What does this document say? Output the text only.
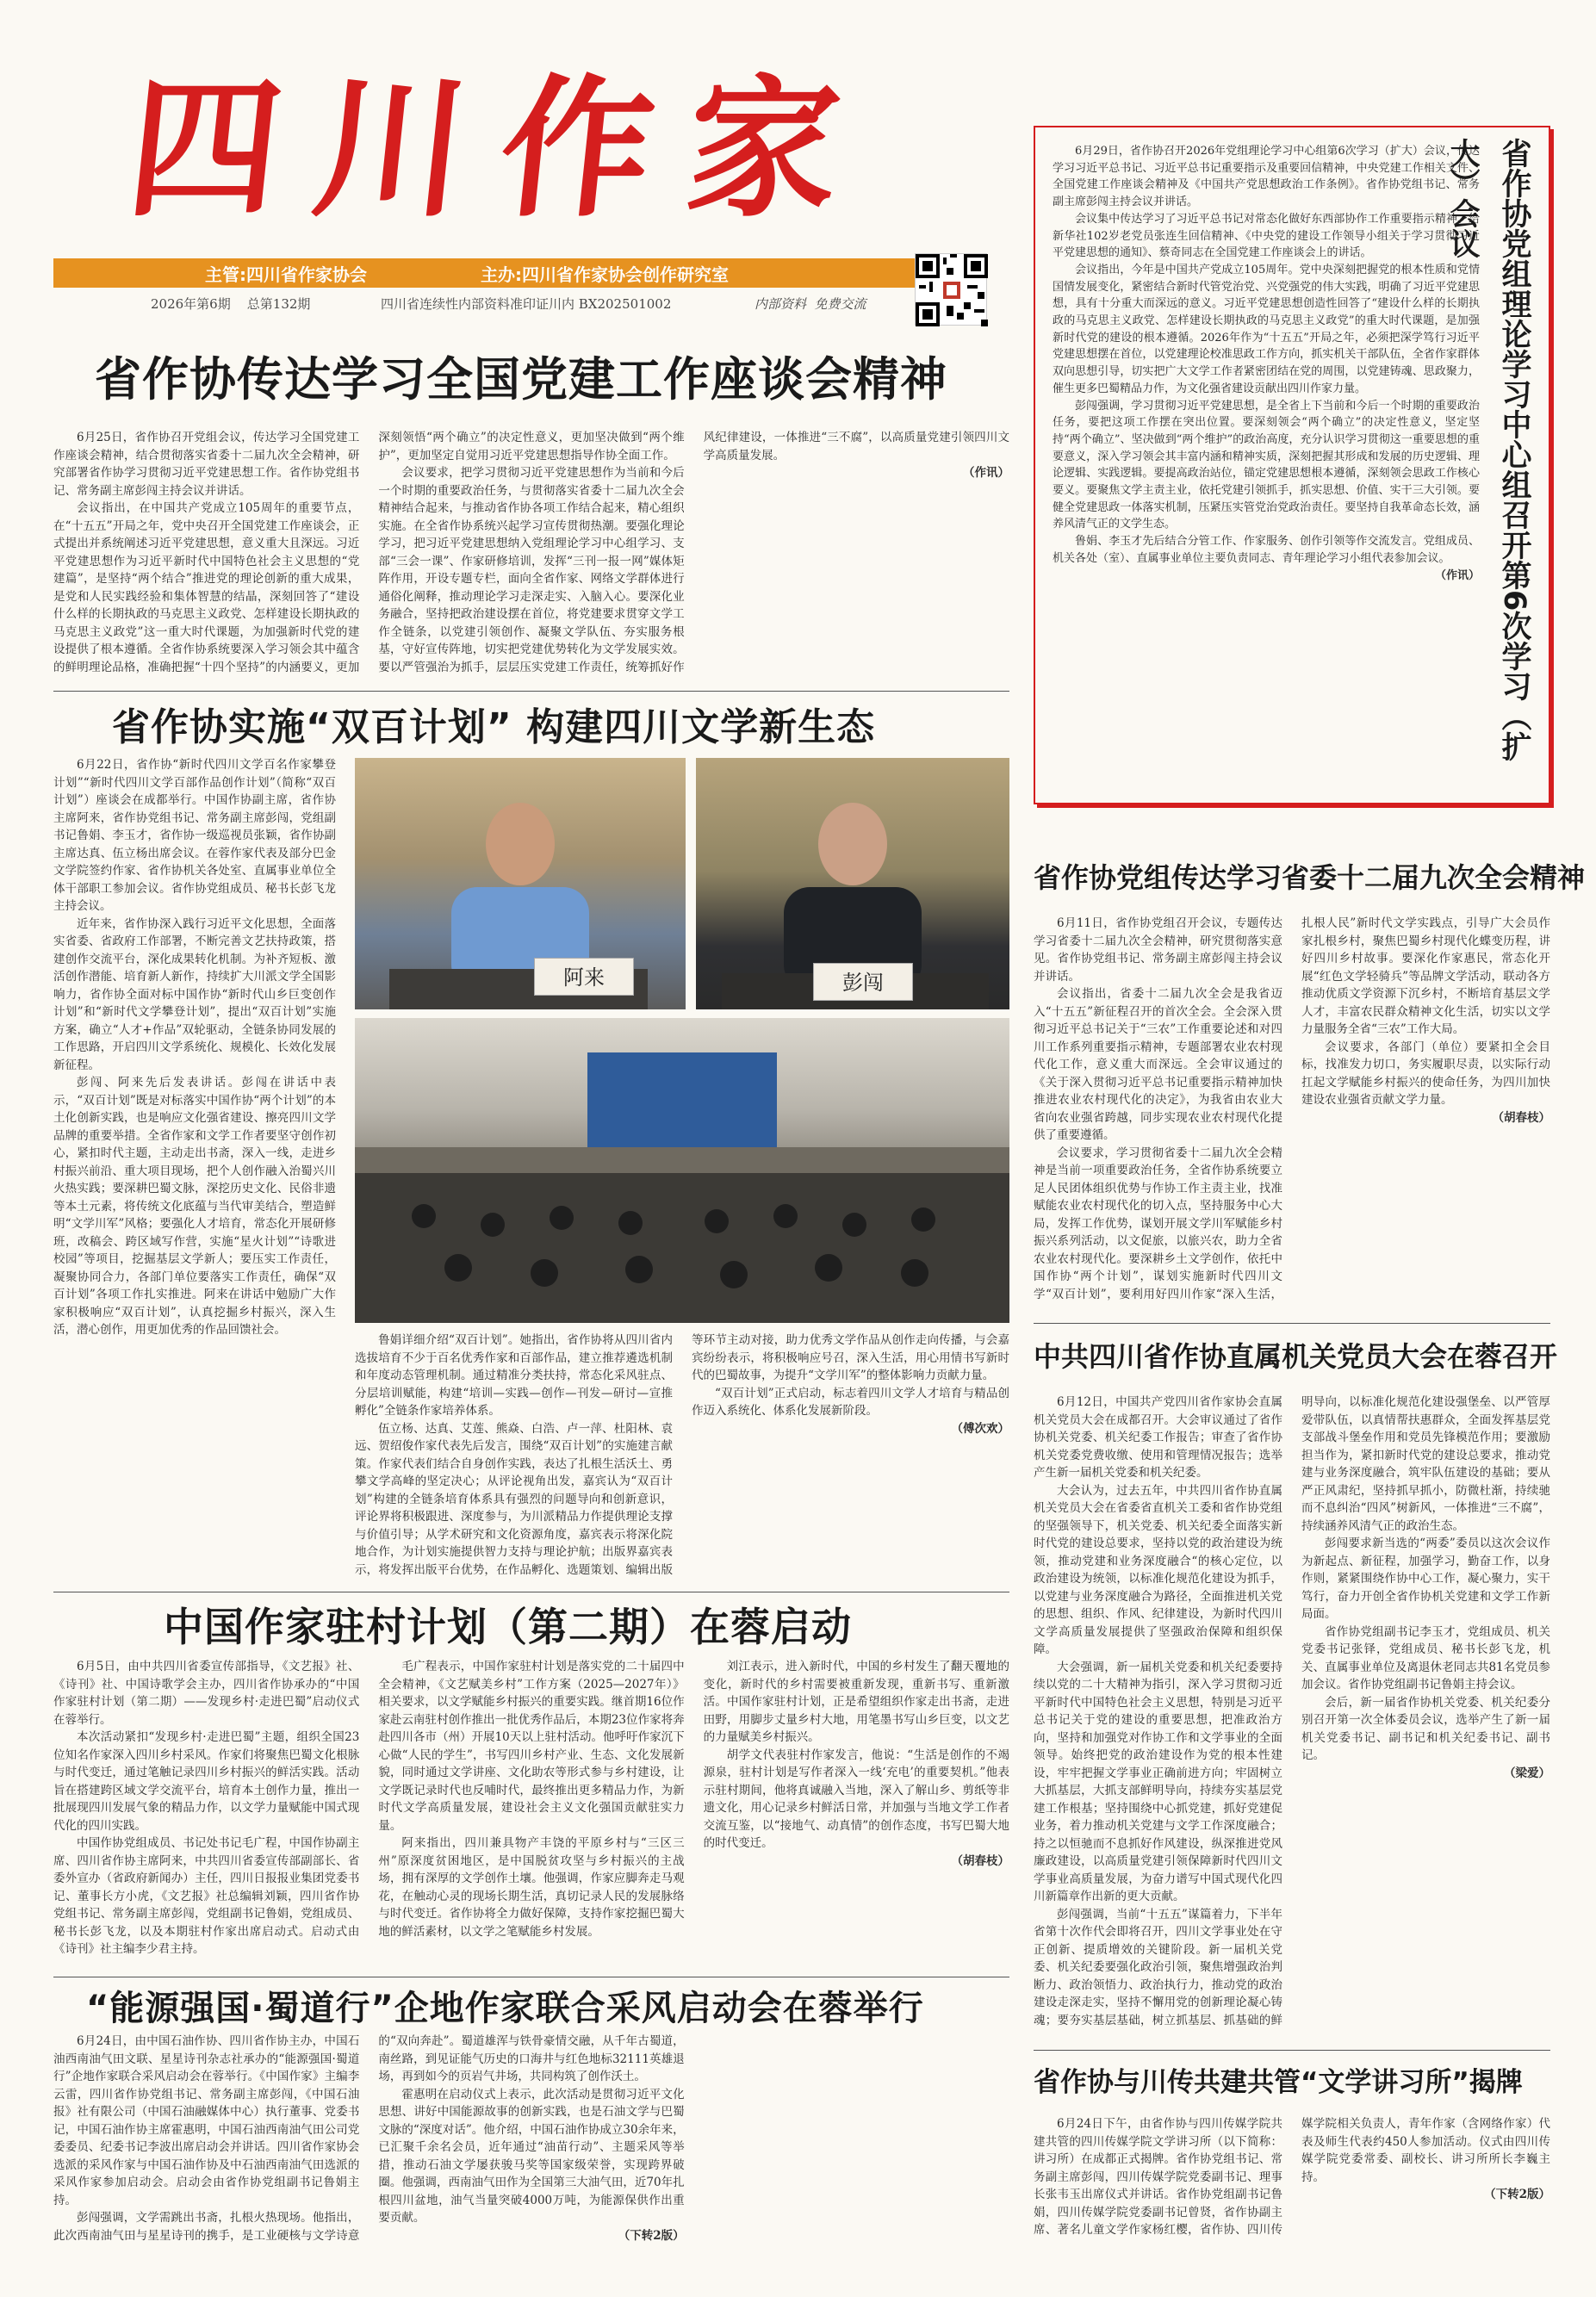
四川作家
主管:四川省作家协会	主办:四川省作家协会创作研究室
2026年第6期    总第132期	四川省连续性内部资料准印证川内 BX202501002	内部资料  免费交流
省作协传达学习全国党建工作座谈会精神

6月25日，省作协召开党组会议，传达学习全国党建工作座谈会精神，结合贯彻落实省委十二届九次全会精神，研究部署省作协学习贯彻习近平党建思想工作。省作协党组书记、常务副主席彭闯主持会议并讲话。

会议指出，在中国共产党成立105周年的重要节点，在“十五五”开局之年，党中央召开全国党建工作座谈会，正式提出并系统阐述习近平党建思想，意义重大且深远。习近平党建思想作为习近平新时代中国特色社会主义思想的“党建篇”，是坚持“两个结合”推进党的理论创新的重大成果，是党和人民实践经验和集体智慧的结晶，深刻回答了“建设什么样的长期执政的马克思主义政党、怎样建设长期执政的马克思主义政党”这一重大时代课题，为加强新时代党的建设提供了根本遵循。全省作协系统要深入学习领会其中蕴含的鲜明理论品格，准确把握“十四个坚持”的内涵要义，更加深刻领悟“两个确立”的决定性意义，更加坚决做到“两个维护”，更加坚定自觉用习近平党建思想指导作协全面工作。

会议要求，把学习贯彻习近平党建思想作为当前和今后一个时期的重要政治任务，与贯彻落实省委十二届九次全会精神结合起来，与推动省作协各项工作结合起来，精心组织实施。在全省作协系统兴起学习宣传贯彻热潮。要强化理论学习，把习近平党建思想纳入党组理论学习中心组学习、支部“三会一课”、作家研修培训，发挥“三刊一报一网”媒体矩阵作用，开设专题专栏，面向全省作家、网络文学群体进行通俗化阐释，推动理论学习走深走实、入脑入心。要深化业务融合，坚持把政治建设摆在首位，将党建要求贯穿文学工作全链条，以党建引领创作、凝聚文学队伍、夯实服务根基，守好宣传阵地，切实把党建优势转化为文学发展实效。要以严管强治为抓手，层层压实党建工作责任，统筹抓好作风纪律建设，一体推进“三不腐”，以高质量党建引领四川文学高质量发展。

（作讯）
省作协实施“双百计划” 构建四川文学新生态

6月22日，省作协“新时代四川文学百名作家攀登计划”“新时代四川文学百部作品创作计划”（简称“双百计划”）座谈会在成都举行。中国作协副主席，省作协主席阿来，省作协党组书记、常务副主席彭闯，党组副书记鲁娟、李玉才，省作协一级巡视员张颖，省作协副主席达真、伍立杨出席会议。在蓉作家代表及部分巴金文学院签约作家、省作协机关各处室、直属事业单位全体干部职工参加会议。省作协党组成员、秘书长彭飞龙主持会议。

近年来，省作协深入践行习近平文化思想，全面落实省委、省政府工作部署，不断完善文艺扶持政策，搭建创作交流平台，深化成果转化机制。为补齐短板、激活创作潜能、培育新人新作，持续扩大川派文学全国影响力，省作协全面对标中国作协“新时代山乡巨变创作计划”和“新时代文学攀登计划”，提出“双百计划”实施方案，确立“人才+作品”双轮驱动，全链条协同发展的工作思路，开启四川文学系统化、规模化、长效化发展新征程。

彭闯、阿来先后发表讲话。彭闯在讲话中表示，“双百计划”既是对标落实中国作协“两个计划”的本土化创新实践，也是响应文化强省建设、擦亮四川文学品牌的重要举措。全省作家和文学工作者要坚守创作初心，紧扣时代主题，主动走出书斋，深入一线，走进乡村振兴前沿、重大项目现场，把个人创作融入治蜀兴川火热实践；要深耕巴蜀文脉，深挖历史文化、民俗非遗等本土元素，将传统文化底蕴与当代审美结合，塑造鲜明“文学川军”风格；要强化人才培育，常态化开展研修班，改稿会、跨区域写作营，实施“星火计划”“诗歌进校园”等项目，挖掘基层文学新人；要压实工作责任，凝聚协同合力，各部门单位要落实工作责任，确保“双百计划”各项工作扎实推进。阿来在讲话中勉励广大作家积极响应“双百计划”，认真挖掘乡村振兴，深入生活，潜心创作，用更加优秀的作品回馈社会。

阿来	彭闯

鲁娟详细介绍“双百计划”。她指出，省作协将从四川省内选拔培育不少于百名优秀作家和百部作品，建立推荐遴选机制和年度动态管理机制。通过精准分类扶持，常态化采风驻点、分层培训赋能，构建“培训—实践—创作—刊发—研讨—宣推孵化”全链条作家培养体系。

伍立杨、达真、艾莲、熊焱、白浩、卢一萍、杜阳林、袁远、贺绍俊作家代表先后发言，围绕“双百计划”的实施建言献策。作家代表们结合自身创作实践，表达了扎根生活沃土、勇攀文学高峰的坚定决心；从评论视角出发，嘉宾认为“双百计划”构建的全链条培育体系具有强烈的问题导向和创新意识，评论界将积极跟进、深度参与，为川派精品力作提供理论支撑与价值引导；从学术研究和文化资源角度，嘉宾表示将深化院地合作，为计划实施提供智力支持与理论护航；出版界嘉宾表示，将发挥出版平台优势，在作品孵化、选题策划、编辑出版等环节主动对接，助力优秀文学作品从创作走向传播，与会嘉宾纷纷表示，将积极响应号召，深入生活，用心用情书写新时代的巴蜀故事，为提升“文学川军”的整体影响力贡献力量。

“双百计划”正式启动，标志着四川文学人才培育与精品创作迈入系统化、体系化发展新阶段。

（傅次欢）
中国作家驻村计划（第二期）在蓉启动

6月5日，由中共四川省委宣传部指导，《文艺报》社、《诗刊》社、中国诗歌学会主办，四川省作协承办的“中国作家驻村计划（第二期）——发现乡村·走进巴蜀”启动仪式在蓉举行。

本次活动紧扣“发现乡村·走进巴蜀”主题，组织全国23位知名作家深入四川乡村采风。作家们将聚焦巴蜀文化根脉与时代变迁，通过笔触记录四川乡村振兴的鲜活实践。活动旨在搭建跨区域文学交流平台，培育本土创作力量，推出一批展现四川发展气象的精品力作，以文学力量赋能中国式现代化的四川实践。

中国作协党组成员、书记处书记毛广程，中国作协副主席、四川省作协主席阿来，中共四川省委宣传部副部长、省委外宣办（省政府新闻办）主任，四川日报报业集团党委书记、董事长方小虎，《文艺报》社总编辑刘颖，四川省作协党组书记、常务副主席彭闯，党组副书记鲁娟，党组成员、秘书长彭飞龙，以及本期驻村作家出席启动式。启动式由《诗刊》社主编李少君主持。

毛广程表示，中国作家驻村计划是落实党的二十届四中全会精神，《文艺赋美乡村”工作方案（2025—2027年）》相关要求，以文学赋能乡村振兴的重要实践。继首期16位作家赴云南驻村创作推出一批优秀作品后，本期23位作家将奔赴四川各市（州）开展10天以上驻村活动。他呼吁作家沉下心做“人民的学生”，书写四川乡村产业、生态、文化发展新貌，同时通过文学讲座、文化助农等形式参与乡村建设，让文学既记录时代也反哺时代，最终推出更多精品力作，为新时代文学高质量发展，建设社会主义文化强国贡献驻实力量。

阿来指出，四川兼具物产丰饶的平原乡村与“三区三州”原深度贫困地区，是中国脱贫攻坚与乡村振兴的主战场，拥有深厚的文学创作土壤。他强调，作家应脚奔走马观花，在触动心灵的现场长期生活，真切记录人民的发展脉络与时代变迁。省作协将全力做好保障，支持作家挖掘巴蜀大地的鲜活素材，以文学之笔赋能乡村发展。

刘江表示，进入新时代，中国的乡村发生了翻天覆地的变化，新时代的乡村需要被重新发现，重新书写、重新激活。中国作家驻村计划，正是希望组织作家走出书斋，走进田野，用脚步丈量乡村大地，用笔墨书写山乡巨变，以文艺的力量赋美乡村振兴。

胡学文代表驻村作家发言，他说：“生活是创作的不竭源泉，驻村计划是写作者深入一线‘充电’的重要契机。”他表示驻村期间，他将真诚融入当地，深入了解山乡、剪纸等非遗文化，用心记录乡村鲜活日常，并加强与当地文学工作者交流互鉴，以“接地气、动真情”的创作态度，书写巴蜀大地的时代变迁。

（胡春枝）
“能源强国·蜀道行”企地作家联合采风启动会在蓉举行

6月24日，由中国石油作协、四川省作协主办，中国石油西南油气田文联、星星诗刊杂志社承办的“能源强国·蜀道行”企地作家联合采风启动会在蓉举行。《中国作家》主编李云雷，四川省作协党组书记、常务副主席彭闯，《中国石油报》社有限公司（中国石油融媒体中心）执行董事、党委书记，中国石油作协主席霍惠明，中国石油西南油气田公司党委委员、纪委书记李波出席启动会并讲话。四川省作家协会选派的采风作家与中国石油作协及中石油西南油气田选派的采风作家参加启动会。启动会由省作协党组副书记鲁娟主持。

彭闯强调，文学需跳出书斋，扎根火热现场。他指出，此次西南油气田与星星诗刊的携手，是工业硬核与文学诗意的“双向奔赴”。蜀道雄浑与铁骨豪情交融，从千年古蜀道，南丝路，到见证能气历史的口海井与红色地标32111英雄退场，再到如今的页岩气井场，共同构筑了创作沃土。

霍惠明在启动仪式上表示，此次活动是贯彻习近平文化思想、讲好中国能源故事的创新实践，也是石油文学与巴蜀文脉的“深度对话”。他介绍，中国石油作协成立30余年来，已汇聚千余名会员，近年通过“油苗行动”、主题采风等举措，推动石油文学屡获骏马奖等国家级荣誉，实现跨界破圈。他强调，西南油气田作为全国第三大油气田，近70年扎根四川盆地，油气当量突破4000万吨，为能源保供作出重要贡献。

（下转2版）

6月29日，省作协召开2026年党组理论学习中心组第6次学习（扩大）会议，传达学习习近平总书记、习近平总书记重要指示及重要回信精神，中央党建工作相关文件、全国党建工作座谈会精神及《中国共产党思想政治工作条例》。省作协党组书记、常务副主席彭闯主持会议并讲话。

会议集中传达学习了习近平总书记对常态化做好东西部协作工作重要指示精神、给新华社102岁老党员张连生回信精神、《中央党的建设工作领导小组关于学习贯彻习近平党建思想的通知》、蔡奇同志在全国党建工作座谈会上的讲话。

会议指出，今年是中国共产党成立105周年。党中央深刻把握党的根本性质和党情国情发展变化，紧密结合新时代管党治党、兴党强党的伟大实践，明确了习近平党建思想，具有十分重大而深远的意义。习近平党建思想创造性回答了“建设什么样的长期执政的马克思主义政党、怎样建设长期执政的马克思主义政党”的重大时代课题，是加强新时代党的建设的根本遵循。2026年作为“十五五”开局之年，必须把深学笃行习近平党建思想摆在首位，以党建理论校准思政工作方向，抓实机关干部队伍，全省作家群体双向思想引导，切实把广大文学工作者紧密团结在党的周围，以党建铸魂、思政聚力，催生更多巴蜀精品力作，为文化强省建设贡献出四川作家力量。

彭闯强调，学习贯彻习近平党建思想，是全省上下当前和今后一个时期的重要政治任务，要把这项工作摆在突出位置。要深刻领会“两个确立”的决定性意义，坚定坚持“两个确立”、坚决做到“两个维护”的政治高度，充分认识学习贯彻这一重要思想的重要意义，深入学习领会其丰富内涵和精神实质，深刻把握其形成和发展的历史逻辑、理论逻辑、实践逻辑。要提高政治站位，锚定党建思想根本遵循，深刻领会思政工作核心要义。要聚焦文学主责主业，依托党建引领抓手，抓实思想、价值、实干三大引领。要健全党建思政一体落实机制，压紧压实管党治党政治责任。要坚持自我革命态长效，涵养风清气正的文学生态。

鲁娟、李玉才先后结合分管工作、作家服务、创作引领等作交流发言。党组成员、机关各处（室）、直属事业单位主要负责同志、青年理论学习小组代表参加会议。

（作讯） 省作协党组理论学习中心组召开第6次学习（扩大）会议
省作协党组传达学习省委十二届九次全会精神

6月11日，省作协党组召开会议，专题传达学习省委十二届九次全会精神，研究贯彻落实意见。省作协党组书记、常务副主席彭闯主持会议并讲话。

会议指出，省委十二届九次全会是我省迈入“十五五”新征程召开的首次全会。全会深入贯彻习近平总书记关于“三农”工作重要论述和对四川工作系列重要指示精神，专题部署农业农村现代化工作，意义重大而深远。全会审议通过的《关于深入贯彻习近平总书记重要指示精神加快推进农业农村现代化的决定》，为我省由农业大省向农业强省跨越，同步实现农业农村现代化提供了重要遵循。

会议要求，学习贯彻省委十二届九次全会精神是当前一项重要政治任务，全省作协系统要立足人民团体组织优势与作协工作主责主业，找准赋能农业农村现代化的切入点，坚持服务中心大局，发挥工作优势，谋划开展文学川军赋能乡村振兴系列活动，以文促旅，以旅兴农，助力全省农业农村现代化。要深耕乡土文学创作，依托中国作协“两个计划”，谋划实施新时代四川文学“双百计划”，要利用好四川作家“深入生活，扎根人民”新时代文学实践点，引导广大会员作家扎根乡村，聚焦巴蜀乡村现代化蝶变历程，讲好四川乡村故事。要深化作家惠民，常态化开展“红色文学轻骑兵”等品牌文学活动，联动各方推动优质文学资源下沉乡村，不断培育基层文学人才，丰富农民群众精神文化生活，切实以文学力量服务全省“三农”工作大局。

会议要求，各部门（单位）要紧扣全会目标，找准发力切口，务实履职尽责，以实际行动扛起文学赋能乡村振兴的使命任务，为四川加快建设农业强省贡献文学力量。

（胡春枝）
中共四川省作协直属机关党员大会在蓉召开

6月12日，中国共产党四川省作家协会直属机关党员大会在成都召开。大会审议通过了省作协机关党委、机关纪委工作报告；审查了省作协机关党委党费收缴、使用和管理情况报告；选举产生新一届机关党委和机关纪委。

大会认为，过去五年，中共四川省作协直属机关党员大会在省委省直机关工委和省作协党组的坚强领导下，机关党委、机关纪委全面落实新时代党的建设总要求，坚持以党的政治建设为统领，推动党建和业务深度融合“的核心定位，以政治建设为统领，以标准化规范化建设为抓手，以党建与业务深度融合为路径，全面推进机关党的思想、组织、作风、纪律建设，为新时代四川文学高质量发展提供了坚强政治保障和组织保障。

大会强调，新一届机关党委和机关纪委要持续以党的二十大精神为指引，深入学习贯彻习近平新时代中国特色社会主义思想，特别是习近平总书记关于党的建设的重要思想，把准政治方向，坚持和加强党对作协工作和文学事业的全面领导。始终把党的政治建设作为党的根本性建设，牢牢把握文学事业正确前进方向；牢固树立大抓基层，大抓支部鲜明导向，持续夯实基层党建工作根基；坚持围绕中心抓党建，抓好党建促业务，着力推动机关党建与文学工作深度融合；持之以恒驰而不息抓好作风建设，纵深推进党风廉政建设，以高质量党建引领保障新时代四川文学事业高质量发展，为奋力谱写中国式现代化四川新篇章作出新的更大贡献。

彭闯强调，当前“十五五”谋篇着力，下半年省第十次作代会即将召开，四川文学事业处在守正创新、提质增效的关键阶段。新一届机关党委、机关纪委要强化政治引领，聚焦增强政治判断力、政治领悟力、政治执行力，推动党的政治建设走深走实，坚持不懈用党的创新理论凝心铸魂；要夯实基层基础，树立抓基层、抓基础的鲜明导向，以标准化规范化建设强堡垒、以严管厚爱带队伍，以真情帮扶惠群众，全面发挥基层党支部战斗堡垒作用和党员先锋模范作用；要激励担当作为，紧扣新时代党的建设总要求，推动党建与业务深度融合，筑牢队伍建设的基础；要从严正风肃纪，坚持抓早抓小，防微杜渐，持续驰而不息纠治“四风”树新风，一体推进“三不腐”，持续涵养风清气正的政治生态。

彭闯要求新当选的“两委”委员以这次会议作为新起点、新征程，加强学习，勤奋工作，以身作则，紧紧围绕作协中心工作，凝心聚力，实干笃行，奋力开创全省作协机关党建和文学工作新局面。

省作协党组副书记李玉才，党组成员、机关党委书记张铎，党组成员、秘书长彭飞龙，机关、直属事业单位及离退休老同志共81名党员参加会议。省作协党组副书记鲁娟主持会议。

会后，新一届省作协机关党委、机关纪委分别召开第一次全体委员会议，选举产生了新一届机关党委书记、副书记和机关纪委书记、副书记。

（梁爱）
省作协与川传共建共管“文学讲习所”揭牌

6月24日下午，由省作协与四川传媒学院共建共管的四川传媒学院文学讲习所（以下简称：讲习所）在成都正式揭牌。省作协党组书记、常务副主席彭闯，四川传媒学院党委副书记、理事长张韦玉出席仪式并讲话。省作协党组副书记鲁娟，四川传媒学院党委副书记曾贤，省作协副主席、著名儿童文学作家杨红樱，省作协、四川传媒学院相关负责人，青年作家（含网络作家）代表及师生代表约450人参加活动。仪式由四川传媒学院党委常委、副校长、讲习所所长李巍主持。

（下转2版）
